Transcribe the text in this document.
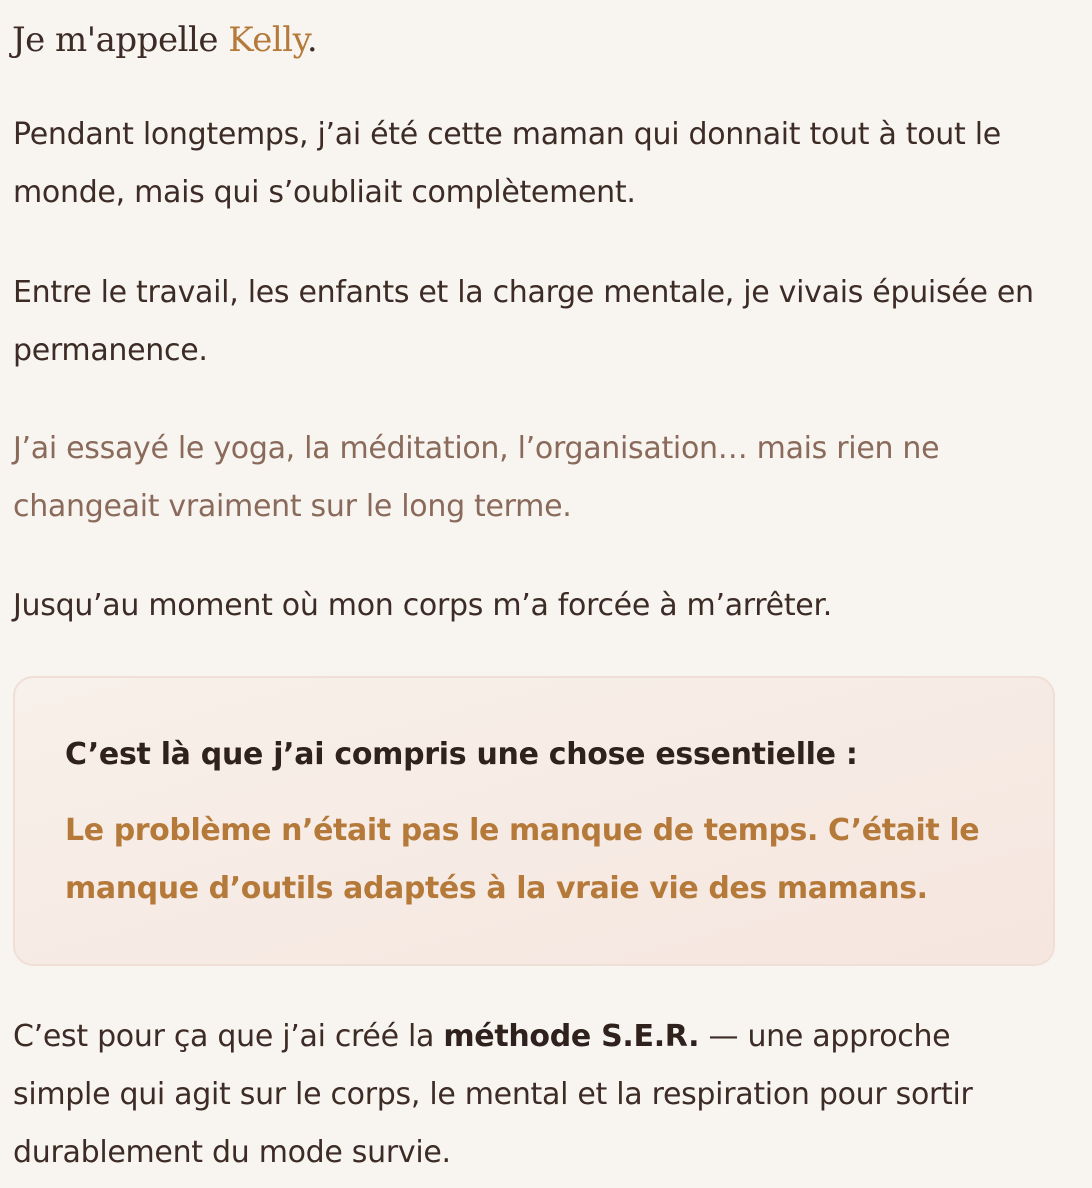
Je m'appelle Kelly.

Pendant longtemps, j’ai été cette maman qui donnait tout à tout le monde, mais qui s’oubliait complètement.

Entre le travail, les enfants et la charge mentale, je vivais épuisée en permanence.

J’ai essayé le yoga, la méditation, l’organisation… mais rien ne changeait vraiment sur le long terme.

Jusqu’au moment où mon corps m’a forcée à m’arrêter.

C’est là que j’ai compris une chose essentielle :

Le problème n’était pas le manque de temps. C’était le manque d’outils adaptés à la vraie vie des mamans.

C’est pour ça que j’ai créé la méthode S.E.R. — une approche simple qui agit sur le corps, le mental et la respiration pour sortir durablement du mode survie.
